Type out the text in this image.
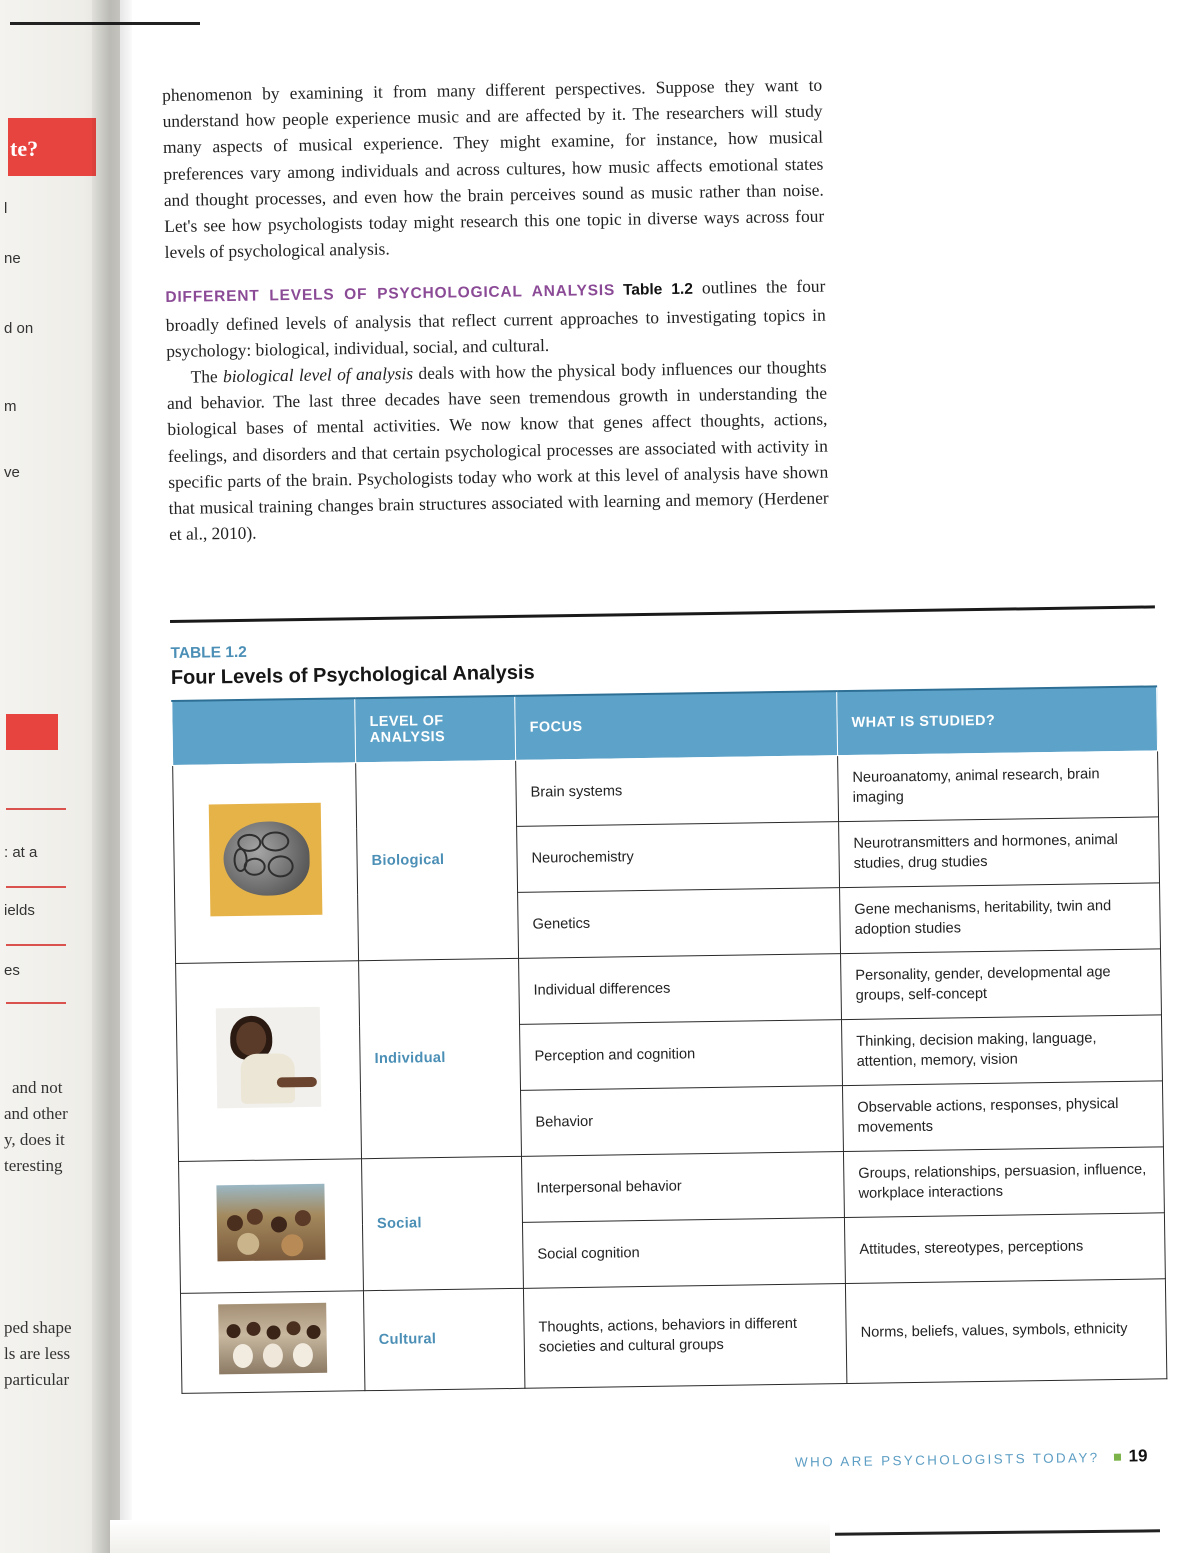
te?
l
ne
d on
m
ve
: at a
ields
es
and not
and other
y, does it
teresting
ped shape
ls are less
particular

phenomenon by examining it from many different perspectives. Suppose they want to understand how people experience music and are affected by it. The researchers will study many aspects of musical experience. They might examine, for instance, how musical preferences vary among individuals and across cultures, how music affects emotional states and thought processes, and even how the brain perceives sound as music rather than noise. Let's see how psychologists today might research this one topic in diverse ways across four levels of psychological analysis.

DIFFERENT LEVELS OF PSYCHOLOGICAL ANALYSIS Table 1.2 outlines the four broadly defined levels of analysis that reflect current approaches to investigating topics in psychology: biological, individual, social, and cultural.

The biological level of analysis deals with how the physical body influences our thoughts and behavior. The last three decades have seen tremendous growth in understanding the biological bases of mental activities. We now know that genes affect thoughts, actions, feelings, and disorders and that certain psychological processes are associated with activity in specific parts of the brain. Psychologists today who work at this level of analysis have shown that musical training changes brain structures associated with learning and memory (Herdener et al., 2010).

TABLE 1.2
Four Levels of Psychological Analysis
	LEVEL OF ANALYSIS	FOCUS	WHAT IS STUDIED?

	Biological	Brain systems	Neuroanatomy, animal research, brain imaging
		Neurochemistry	Neurotransmitters and hormones, animal studies, drug studies
		Genetics	Gene mechanisms, heritability, twin and adoption studies

	Individual	Individual differences	Personality, gender, developmental age groups, self-concept
		Perception and cognition	Thinking, decision making, language, attention, memory, vision
		Behavior	Observable actions, responses, physical movements

	Social	Interpersonal behavior	Groups, relationships, persuasion, influence, workplace interactions
		Social cognition	Attitudes, stereotypes, perceptions

	Cultural	Thoughts, actions, behaviors in different societies and cultural groups	Norms, beliefs, values, symbols, ethnicity
WHO ARE PSYCHOLOGISTS TODAY? 19
